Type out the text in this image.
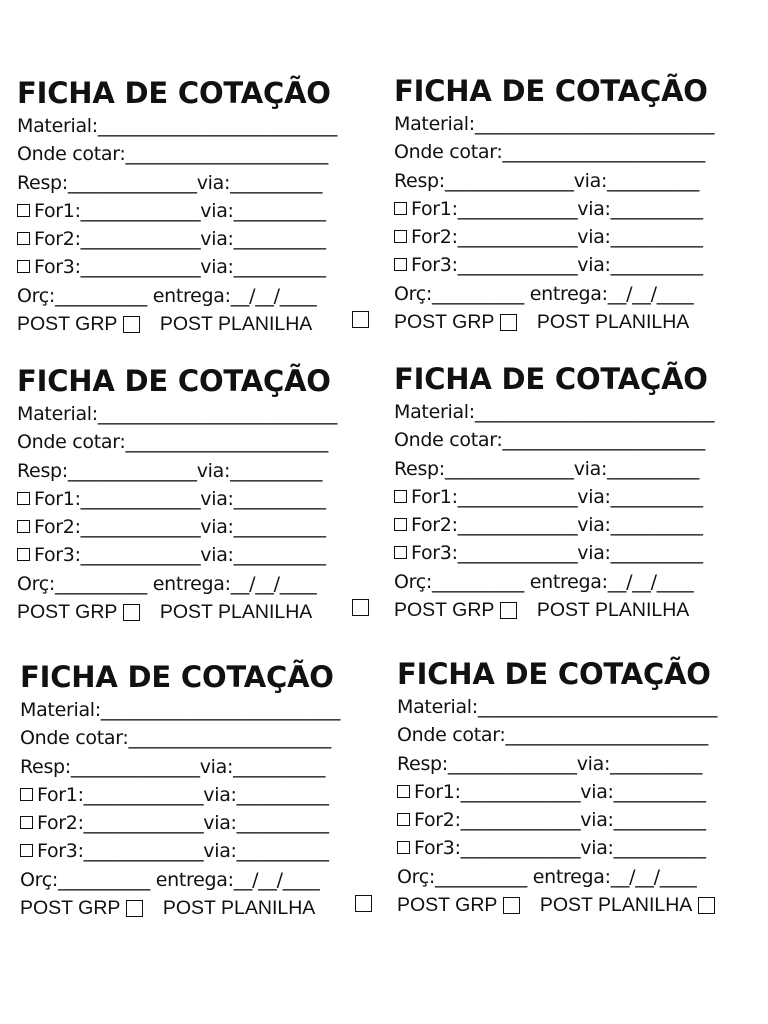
FICHA DE COTAÇÃO
Material:__________________________
Onde cotar:______________________
Resp:______________via:__________
For1:_____________via:__________
For2:_____________via:__________
For3:_____________via:__________
Orç:__________ entrega:__/__/____
POST GRP POST PLANILHA
FICHA DE COTAÇÃO
Material:__________________________
Onde cotar:______________________
Resp:______________via:__________
For1:_____________via:__________
For2:_____________via:__________
For3:_____________via:__________
Orç:__________ entrega:__/__/____
POST GRP POST PLANILHA
FICHA DE COTAÇÃO
Material:__________________________
Onde cotar:______________________
Resp:______________via:__________
For1:_____________via:__________
For2:_____________via:__________
For3:_____________via:__________
Orç:__________ entrega:__/__/____
POST GRP POST PLANILHA
FICHA DE COTAÇÃO
Material:__________________________
Onde cotar:______________________
Resp:______________via:__________
For1:_____________via:__________
For2:_____________via:__________
For3:_____________via:__________
Orç:__________ entrega:__/__/____
POST GRP POST PLANILHA
FICHA DE COTAÇÃO
Material:__________________________
Onde cotar:______________________
Resp:______________via:__________
For1:_____________via:__________
For2:_____________via:__________
For3:_____________via:__________
Orç:__________ entrega:__/__/____
POST GRP POST PLANILHA
FICHA DE COTAÇÃO
Material:__________________________
Onde cotar:______________________
Resp:______________via:__________
For1:_____________via:__________
For2:_____________via:__________
For3:_____________via:__________
Orç:__________ entrega:__/__/____
POST GRP POST PLANILHA
